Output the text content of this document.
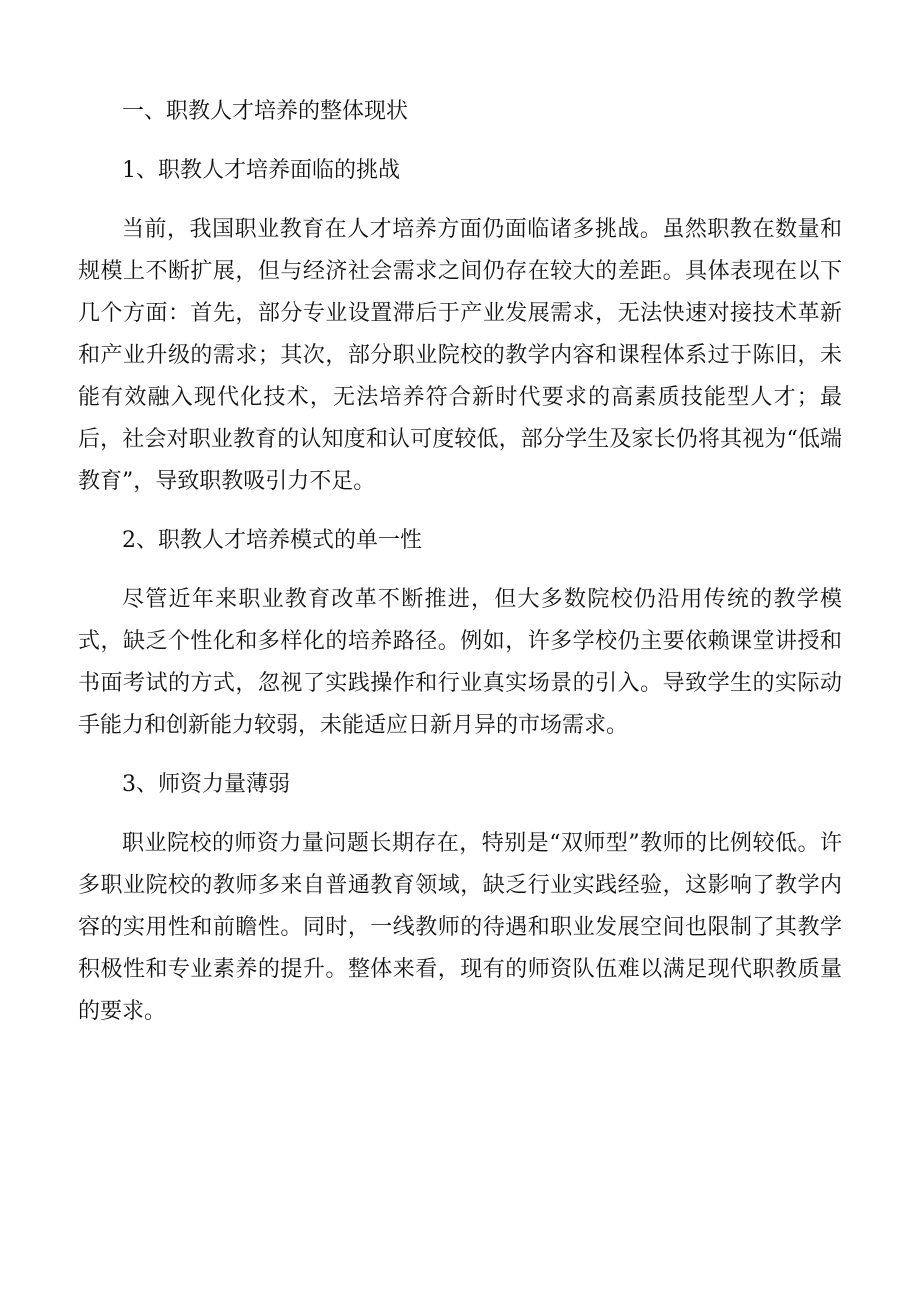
一、职教人才培养的整体现状

1、职教人才培养面临的挑战

当前，我国职业教育在人才培养方面仍面临诸多挑战。虽然职教在数量和规模上不断扩展，但与经济社会需求之间仍存在较大的差距。具体表现在以下几个方面：首先，部分专业设置滞后于产业发展需求，无法快速对接技术革新和产业升级的需求；其次，部分职业院校的教学内容和课程体系过于陈旧，未能有效融入现代化技术，无法培养符合新时代要求的高素质技能型人才；最后，社会对职业教育的认知度和认可度较低，部分学生及家长仍将其视为“低端教育”，导致职教吸引力不足。

2、职教人才培养模式的单一性

尽管近年来职业教育改革不断推进，但大多数院校仍沿用传统的教学模式，缺乏个性化和多样化的培养路径。例如，许多学校仍主要依赖课堂讲授和书面考试的方式，忽视了实践操作和行业真实场景的引入。导致学生的实际动手能力和创新能力较弱，未能适应日新月异的市场需求。

3、师资力量薄弱

职业院校的师资力量问题长期存在，特别是“双师型”教师的比例较低。许多职业院校的教师多来自普通教育领域，缺乏行业实践经验，这影响了教学内容的实用性和前瞻性。同时，一线教师的待遇和职业发展空间也限制了其教学积极性和专业素养的提升。整体来看，现有的师资队伍难以满足现代职教质量的要求。
